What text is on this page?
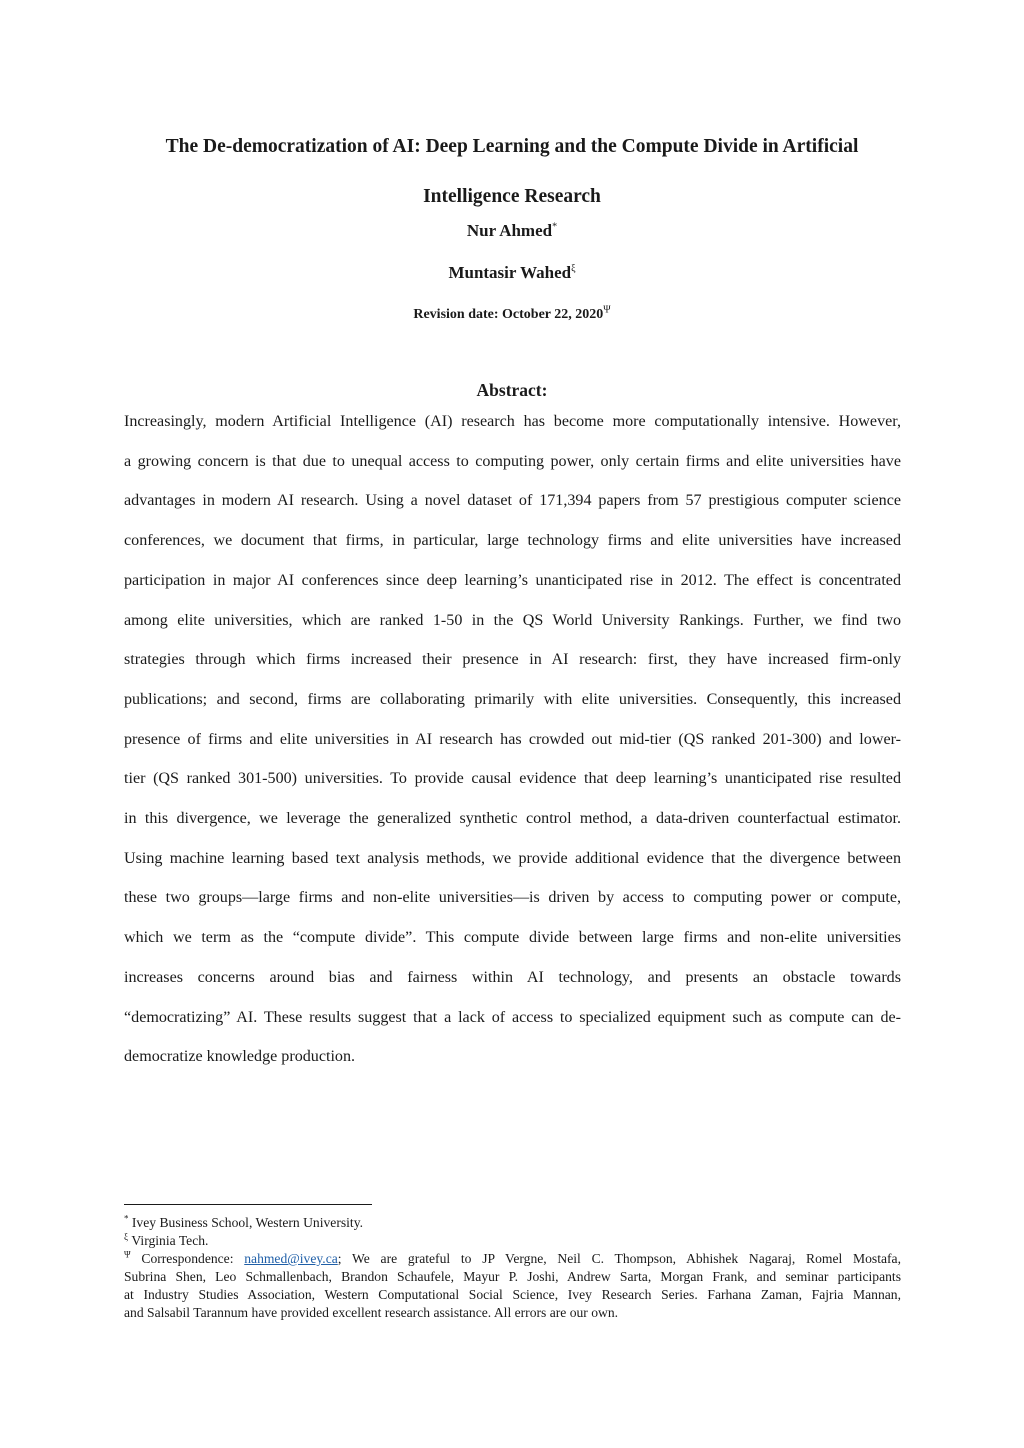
The De-democratization of AI: Deep Learning and the Compute Divide in Artificial
Intelligence Research
Nur Ahmed*
Muntasir Wahed$^\xi$
Revision date: October 22, $2020^\Psi$
Abstract:
Increasingly, modern Artificial Intelligence (AI) research has become more computationally intensive. However,
a growing concern is that due to unequal access to computing power, only certain firms and elite universities have
advantages in modern AI research. Using a novel dataset of 171,394 papers from 57 prestigious computer science
conferences, we document that firms, in particular, large technology firms and elite universities have increased
participation in major AI conferences since deep learning’s unanticipated rise in 2012. The effect is concentrated
among elite universities, which are ranked 1-50 in the QS World University Rankings. Further, we find two
strategies through which firms increased their presence in AI research: first, they have increased firm-only
publications; and second, firms are collaborating primarily with elite universities. Consequently, this increased
presence of firms and elite universities in AI research has crowded out mid-tier (QS ranked 201-300) and lower-
tier (QS ranked 301-500) universities. To provide causal evidence that deep learning’s unanticipated rise resulted
in this divergence, we leverage the generalized synthetic control method, a data-driven counterfactual estimator.
Using machine learning based text analysis methods, we provide additional evidence that the divergence between
these two groups—large firms and non-elite universities—is driven by access to computing power or compute,
which we term as the “compute divide”. This compute divide between large firms and non-elite universities
increases concerns around bias and fairness within AI technology, and presents an obstacle towards
“democratizing” AI. These results suggest that a lack of access to specialized equipment such as compute can de-
democratize knowledge production.
* Ivey Business School, Western University.
$^\xi$ Virginia Tech.
$^\Psi$ Correspondence: nahmed@ivey.ca; We are grateful to JP Vergne, Neil C. Thompson, Abhishek Nagaraj, Romel Mostafa,
Subrina Shen, Leo Schmallenbach, Brandon Schaufele, Mayur P. Joshi, Andrew Sarta, Morgan Frank, and seminar participants
at Industry Studies Association, Western Computational Social Science, Ivey Research Series. Farhana Zaman, Fajria Mannan,
and Salsabil Tarannum have provided excellent research assistance. All errors are our own.
